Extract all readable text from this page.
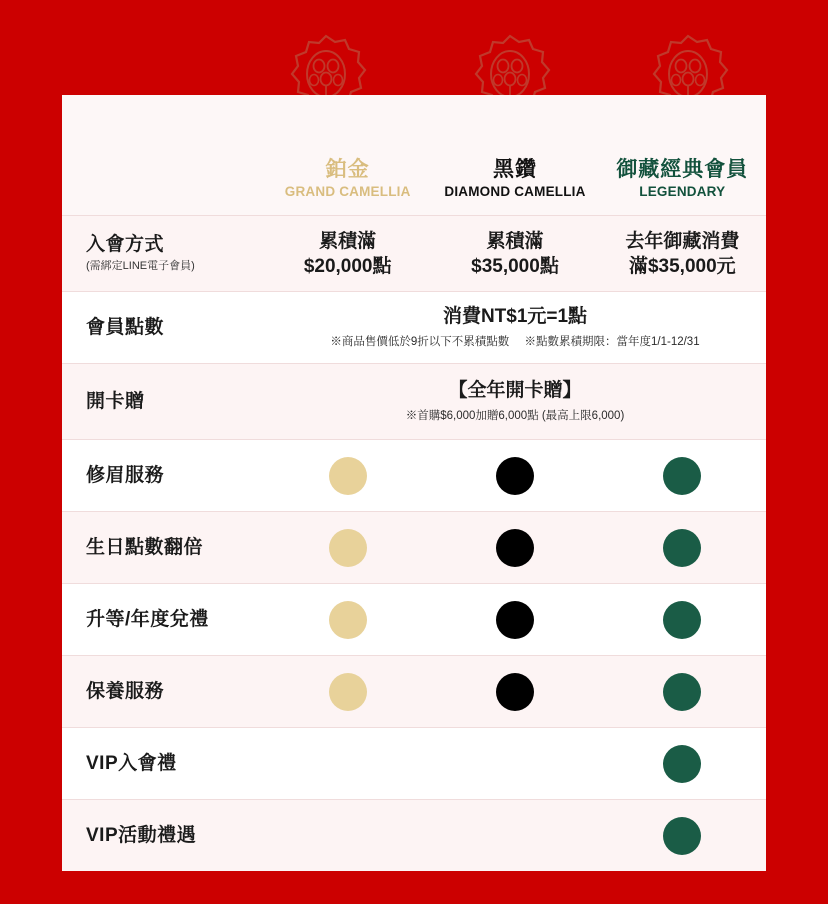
鉑金
GRAND CAMELLIA
黑鑽
DIAMOND CAMELLIA
御藏經典會員
LEGENDARY
入會方式
(需綁定LINE電子會員)
累積滿
$20,000點
累積滿
$35,000點
去年御藏消費
滿$35,000元
會員點數	消費NT$1元=1點
※商品售價低於9折以下不累積點數 ※點數累積期限：當年度1/1-12/31
開卡贈	【全年開卡贈】
※首購$6,000加贈6,000點 (最高上限6,000)
修眉服務
生日點數翻倍
升等/年度兌禮
保養服務
VIP入會禮
VIP活動禮遇
